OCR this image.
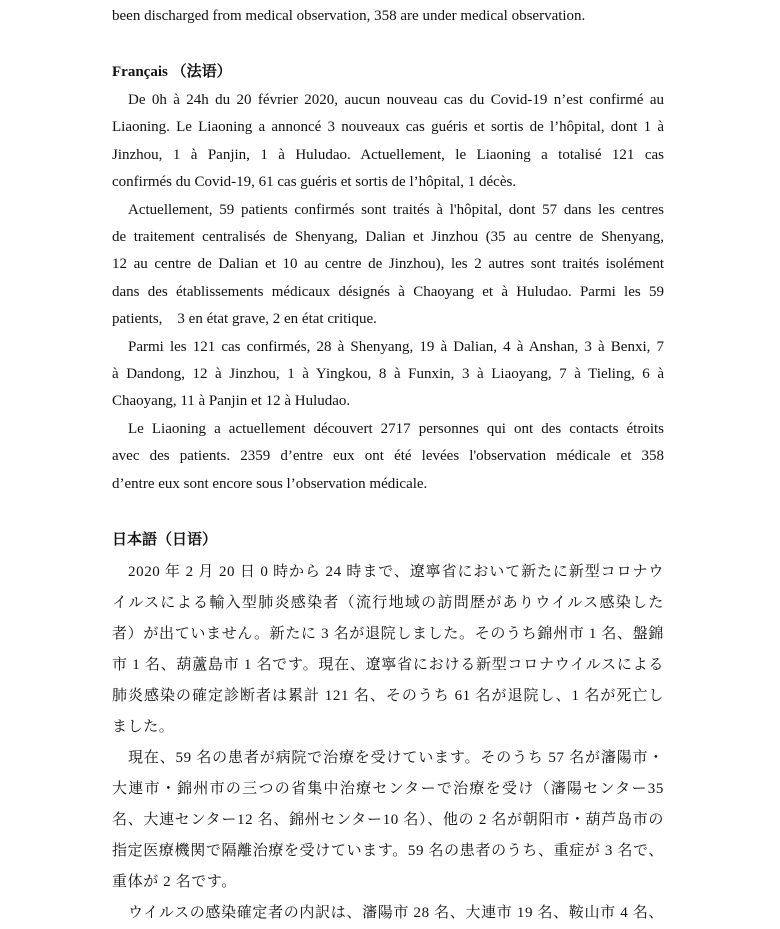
been discharged from medical observation, 358 are under medical observation.
Français （法语）
De 0h à 24h du 20 février 2020, aucun nouveau cas du Covid-19 n’est confirmé au
Liaoning. Le Liaoning a annoncé 3 nouveaux cas guéris et sortis de l’hôpital, dont 1 à
Jinzhou, 1 à Panjin, 1 à Huludao. Actuellement, le Liaoning a totalisé 121 cas
confirmés du Covid-19, 61 cas guéris et sortis de l’hôpital, 1 décès.
Actuellement, 59 patients confirmés sont traités à l'hôpital, dont 57 dans les centres
de traitement centralisés de Shenyang, Dalian et Jinzhou (35 au centre de Shenyang,
12 au centre de Dalian et 10 au centre de Jinzhou), les 2 autres sont traités isolément
dans des établissements médicaux désignés à Chaoyang et à Huludao. Parmi les 59
patients,　3 en état grave, 2 en état critique.
Parmi les 121 cas confirmés, 28 à Shenyang, 19 à Dalian, 4 à Anshan, 3 à Benxi, 7
à Dandong, 12 à Jinzhou, 1 à Yingkou, 8 à Funxin, 3 à Liaoyang, 7 à Tieling, 6 à
Chaoyang, 11 à Panjin et 12 à Huludao.
Le Liaoning a actuellement découvert 2717 personnes qui ont des contacts étroits
avec des patients. 2359 d’entre eux ont été levées l'observation médicale et 358
d’entre eux sont encore sous l’observation médicale.
日本語（日语）
2020 年 2 月 20 日 0 時から 24 時まで、遼寧省において新たに新型コロナウ
イルスによる輸入型肺炎感染者（流行地域の訪問歴がありウイルス感染した
者）が出ていません。新たに 3 名が退院しました。そのうち錦州市 1 名、盤錦
市 1 名、葫蘆島市 1 名です。現在、遼寧省における新型コロナウイルスによる
肺炎感染の確定診断者は累計 121 名、そのうち 61 名が退院し、1 名が死亡し
ました。
現在、59 名の患者が病院で治療を受けています。そのうち 57 名が瀋陽市・
大連市・錦州市の三つの省集中治療センターで治療を受け（瀋陽センター35
名、大連センター12 名、錦州センター10 名）、他の 2 名が朝阳市・葫芦岛市の
指定医療機関で隔離治療を受けています。59 名の患者のうち、重症が 3 名で、
重体が 2 名です。
ウイルスの感染確定者の内訳は、瀋陽市 28 名、大連市 19 名、鞍山市 4 名、
